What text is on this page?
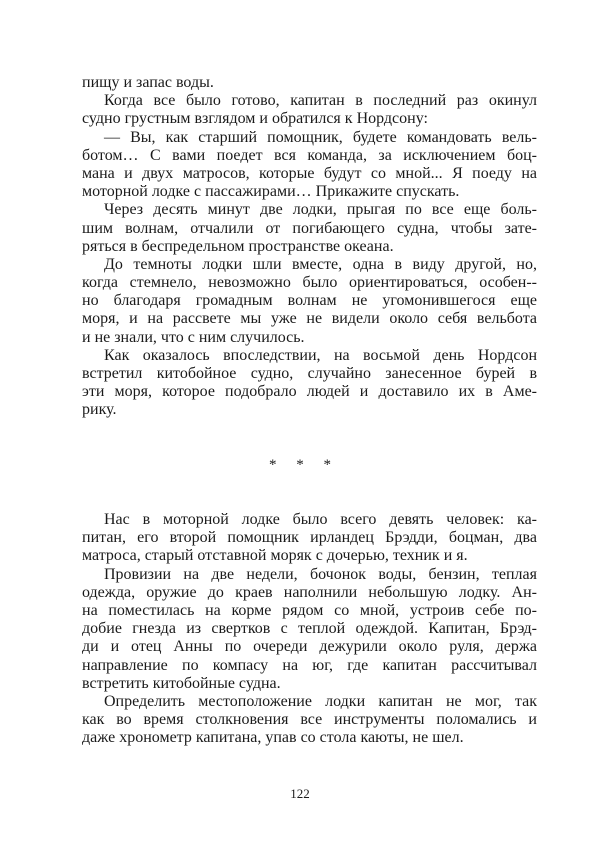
пищу и запас воды.
Когда все было готово, капитан в последний раз окинул
судно грустным взглядом и обратился к Нордсону:
— Вы, как старший помощник, будете командовать вель-
ботом… С вами поедет вся команда, за исключением боц-
мана и двух матросов, которые будут со мной... Я поеду на
моторной лодке с пассажирами… Прикажите спускать.
Через десять минут две лодки, прыгая по все еще боль-
шим волнам, отчалили от погибающего судна, чтобы зате-
ряться в беспредельном пространстве океана.
До темноты лодки шли вместе, одна в виду другой, но,
когда стемнело, невозможно было ориентироваться, особен--
но благодаря громадным волнам не угомонившегося еще
моря, и на рассвете мы уже не видели около себя вельбота
и не знали, что с ним случилось.
Как оказалось впоследствии, на восьмой день Нордсон
встретил китобойное судно, случайно занесенное бурей в
эти моря, которое подобрало людей и доставило их в Аме-
рику.
* * *
Нас в моторной лодке было всего девять человек: ка-
питан, его второй помощник ирландец Брэдди, боцман, два
матроса, старый отставной моряк с дочерью, техник и я.
Провизии на две недели, бочонок воды, бензин, теплая
одежда, оружие до краев наполнили небольшую лодку. Ан-
на поместилась на корме рядом со мной, устроив себе по-
добие гнезда из свертков с теплой одеждой. Капитан, Брэд-
ди и отец Анны по очереди дежурили около руля, держа
направление по компасу на юг, где капитан рассчитывал
встретить китобойные судна.
Определить местоположение лодки капитан не мог, так
как во время столкновения все инструменты поломались и
даже хронометр капитана, упав со стола каюты, не шел.
122
